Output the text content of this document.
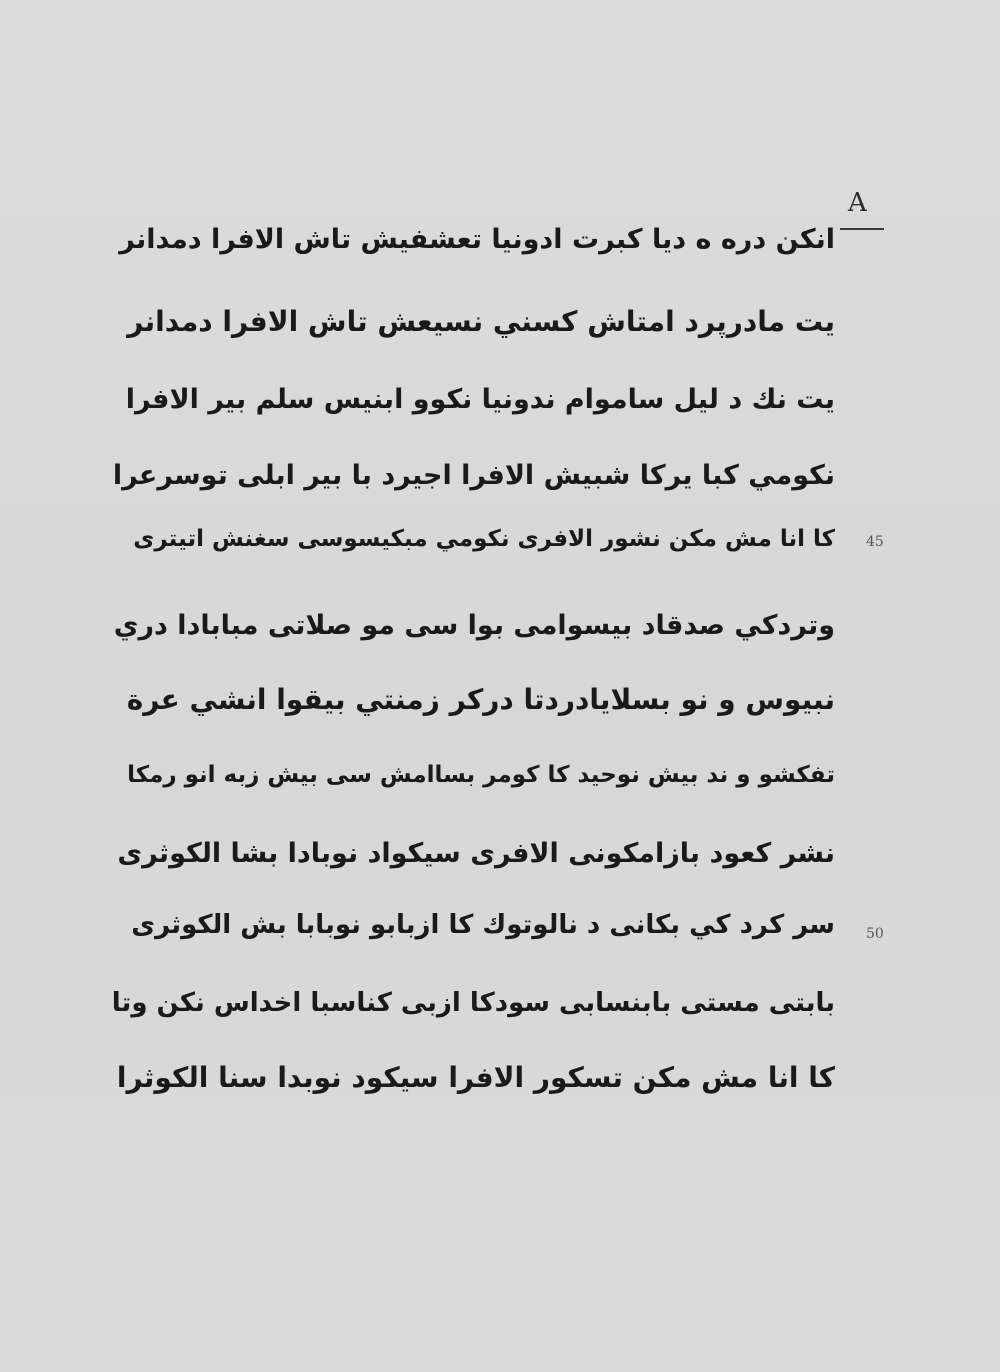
A
انكن دره ه ديا كبرت ادونيا تعشفيش تاش الافرا دمدانر
يت مادرپرد امتاش كسني نسيعش تاش الافرا دمدانر
يت نك د ليل ساموام ندونيا نكوو ابنيس سلم بير الافرا
نكومي كبا يركا شبيش الافرا اجيرد با بير ابلى توسرعرا
كا انا مش مكن نشور الافرى نكومي مبكيسوسى سغنش اتيترى
وتردكي صدقاد بيسوامى بوا سى مو صلاتى مبابادا دري
نبيوس و نو بسلايادردتا دركر زمنتي بيقوا انشي عرة
تفكشو و ند بيش نوحيد كا كومر بساامش سى بيش زبه انو رمكا
نشر كعود بازامكونى الافرى سيكواد نوبادا بشا الكوثرى
سر كرد كي بكانى د نالوتوك كا ازبابو نوبابا بش الكوثرى
بابتى مستى بابنسابى سودكا ازبى كناسبا اخداس نكن وتا
كا انا مش مكن تسكور الافرا سيكود نوبدا سنا الكوثرا
45
50
